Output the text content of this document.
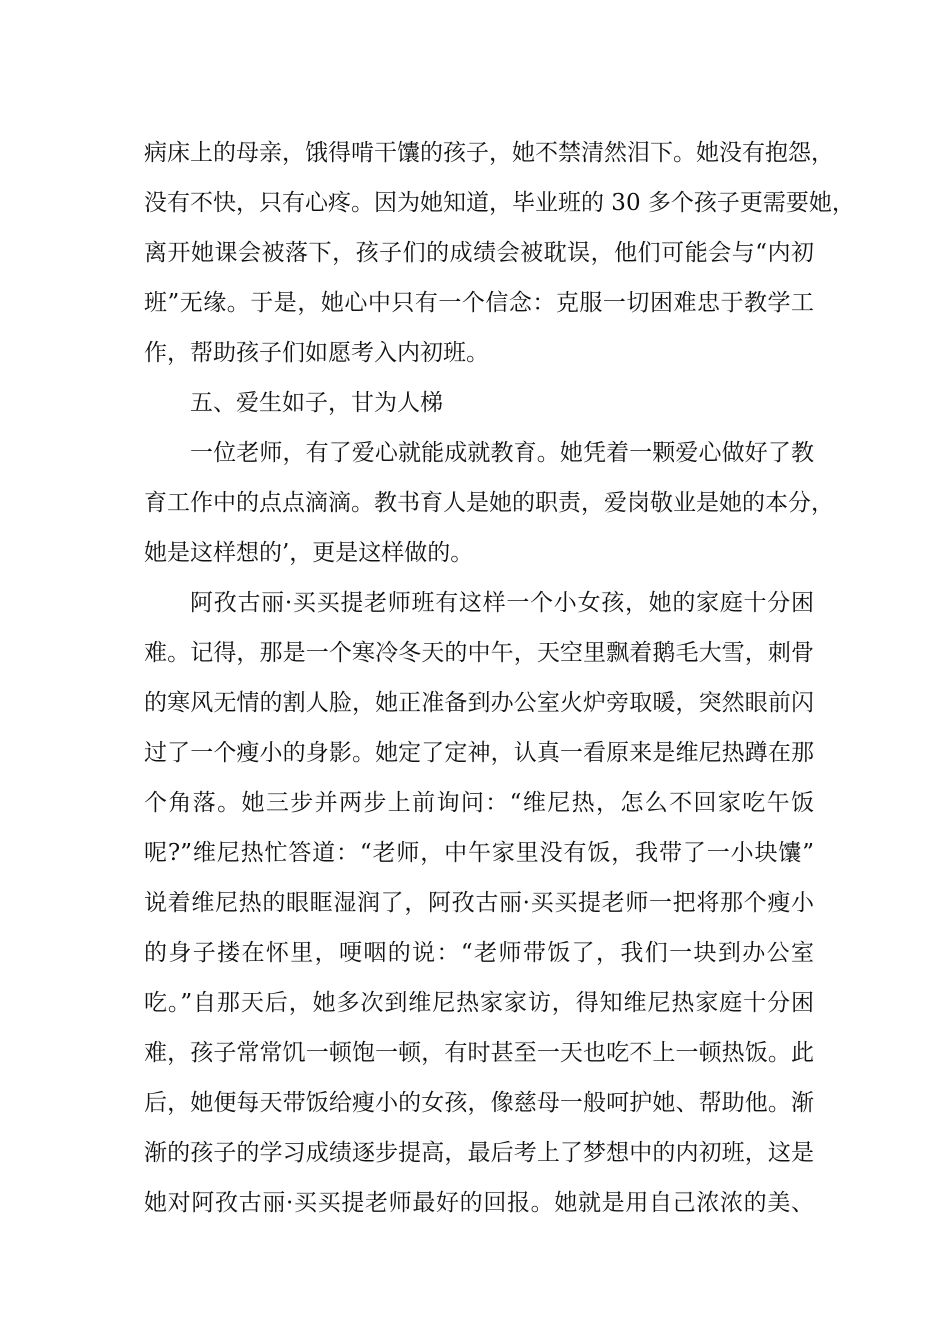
病床上的母亲，饿得啃干馕的孩子，她不禁清然泪下。她没有抱怨，
没有不快，只有心疼。因为她知道，毕业班的 30 多个孩子更需要她，
离开她课会被落下，孩子们的成绩会被耽误，他们可能会与“内初
班”无缘。于是，她心中只有一个信念：克服一切困难忠于教学工
作，帮助孩子们如愿考入内初班。
五、爱生如子，甘为人梯
一位老师，有了爱心就能成就教育。她凭着一颗爱心做好了教
育工作中的点点滴滴。教书育人是她的职责，爱岗敬业是她的本分，
她是这样想的’，更是这样做的。
阿孜古丽·买买提老师班有这样一个小女孩，她的家庭十分困
难。记得，那是一个寒冷冬天的中午，天空里飘着鹅毛大雪，刺骨
的寒风无情的割人脸，她正准备到办公室火炉旁取暖，突然眼前闪
过了一个瘦小的身影。她定了定神，认真一看原来是维尼热蹲在那
个角落。她三步并两步上前询问：“维尼热，怎么不回家吃午饭
呢?”维尼热忙答道：“老师，中午家里没有饭，我带了一小块馕”
说着维尼热的眼眶湿润了，阿孜古丽·买买提老师一把将那个瘦小
的身子搂在怀里，哽咽的说：“老师带饭了，我们一块到办公室
吃。”自那天后，她多次到维尼热家家访，得知维尼热家庭十分困
难，孩子常常饥一顿饱一顿，有时甚至一天也吃不上一顿热饭。此
后，她便每天带饭给瘦小的女孩，像慈母一般呵护她、帮助他。渐
渐的孩子的学习成绩逐步提高，最后考上了梦想中的内初班，这是
她对阿孜古丽·买买提老师最好的回报。她就是用自己浓浓的美、
